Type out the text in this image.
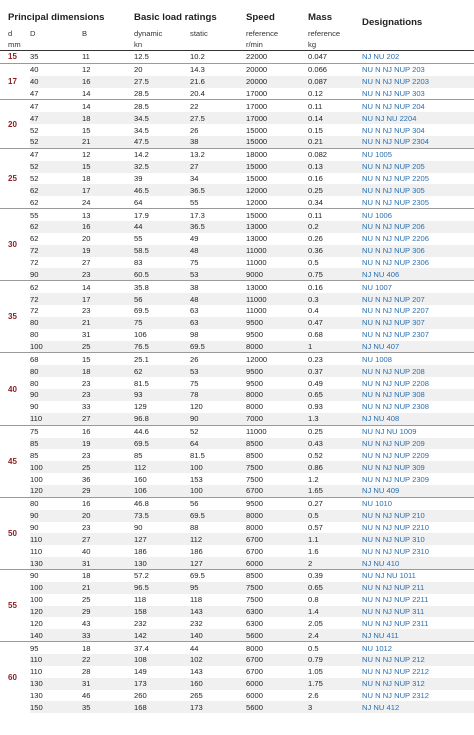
Principal dimensions			Basic load ratings		Speed	Mass	Designations
d	D	B	dynamic	static	reference	reference	
mm			kn		r/min	kg	
15	35	11	12.5	10.2	22000	0.047	NJ NU 202
17	40	12	20	14.3	20000	0.066	NU N NJ NUP 203
	40	16	27.5	21.6	20000	0.087	NU N NJ NUP 2203
	47	14	28.5	20.4	17000	0.12	NU N NJ NUP 303
20	47	14	28.5	22	17000	0.11	NU N NJ NUP 204
	47	18	34.5	27.5	17000	0.14	NU NJ NU 2204
	52	15	34.5	26	15000	0.15	NU N NJ NUP 304
	52	21	47.5	38	15000	0.21	NU N NJ NUP 2304
25	47	12	14.2	13.2	18000	0.082	NU 1005
	52	15	32.5	27	15000	0.13	NU N NJ NUP 205
	52	18	39	34	15000	0.16	NU N NJ NUP 2205
	62	17	46.5	36.5	12000	0.25	NU N NJ NUP 305
	62	24	64	55	12000	0.34	NU N NJ NUP 2305
30	55	13	17.9	17.3	15000	0.11	NU 1006
	62	16	44	36.5	13000	0.2	NU N NJ NUP 206
	62	20	55	49	13000	0.26	NU N NJ NUP 2206
	72	19	58.5	48	11000	0.36	NU N NJ NUP 306
	72	27	83	75	11000	0.5	NU N NJ NUP 2306
	90	23	60.5	53	9000	0.75	NJ NU 406
35	62	14	35.8	38	13000	0.16	NU 1007
	72	17	56	48	11000	0.3	NU N NJ NUP 207
	72	23	69.5	63	11000	0.4	NU N NJ NUP 2207
	80	21	75	63	9500	0.47	NU N NJ NUP 307
	80	31	106	98	9500	0.68	NU N NJ NUP 2307
	100	25	76.5	69.5	8000	1	NJ NU 407
40	68	15	25.1	26	12000	0.23	NU 1008
	80	18	62	53	9500	0.37	NU N NJ NUP 208
	80	23	81.5	75	9500	0.49	NU N NJ NUP 2208
	90	23	93	78	8000	0.65	NU N NJ NUP 308
	90	33	129	120	8000	0.93	NU N NJ NUP 2308
	110	27	96.8	90	7000	1.3	NJ NU 408
45	75	16	44.6	52	11000	0.25	NU NJ NU 1009
	85	19	69.5	64	8500	0.43	NU N NJ NUP 209
	85	23	85	81.5	8500	0.52	NU N NJ NUP 2209
	100	25	112	100	7500	0.86	NU N NJ NUP 309
	100	36	160	153	7500	1.2	NU N NJ NUP 2309
	120	29	106	100	6700	1.65	NJ NU 409
50	80	16	46.8	56	9500	0.27	NU 1010
	90	20	73.5	69.5	8000	0.5	NU N NJ NUP 210
	90	23	90	88	8000	0.57	NU N NJ NUP 2210
	110	27	127	112	6700	1.1	NU N NJ NUP 310
	110	40	186	186	6700	1.6	NU N NJ NUP 2310
	130	31	130	127	6000	2	NJ NU 410
55	90	18	57.2	69.5	8500	0.39	NU NJ NU 1011
	100	21	96.5	95	7500	0.65	NU N NJ NUP 211
	100	25	118	118	7500	0.8	NU N NJ NUP 2211
	120	29	158	143	6300	1.4	NU N NJ NUP 311
	120	43	232	232	6300	2.05	NU N NJ NUP 2311
	140	33	142	140	5600	2.4	NJ NU 411
60	95	18	37.4	44	8000	0.5	NU 1012
	110	22	108	102	6700	0.79	NU N NJ NUP 212
	110	28	149	143	6700	1.05	NU N NJ NUP 2212
	130	31	173	160	6000	1.75	NU N NJ NUP 312
	130	46	260	265	6000	2.6	NU N NJ NUP 2312
	150	35	168	173	5600	3	NJ NU 412
